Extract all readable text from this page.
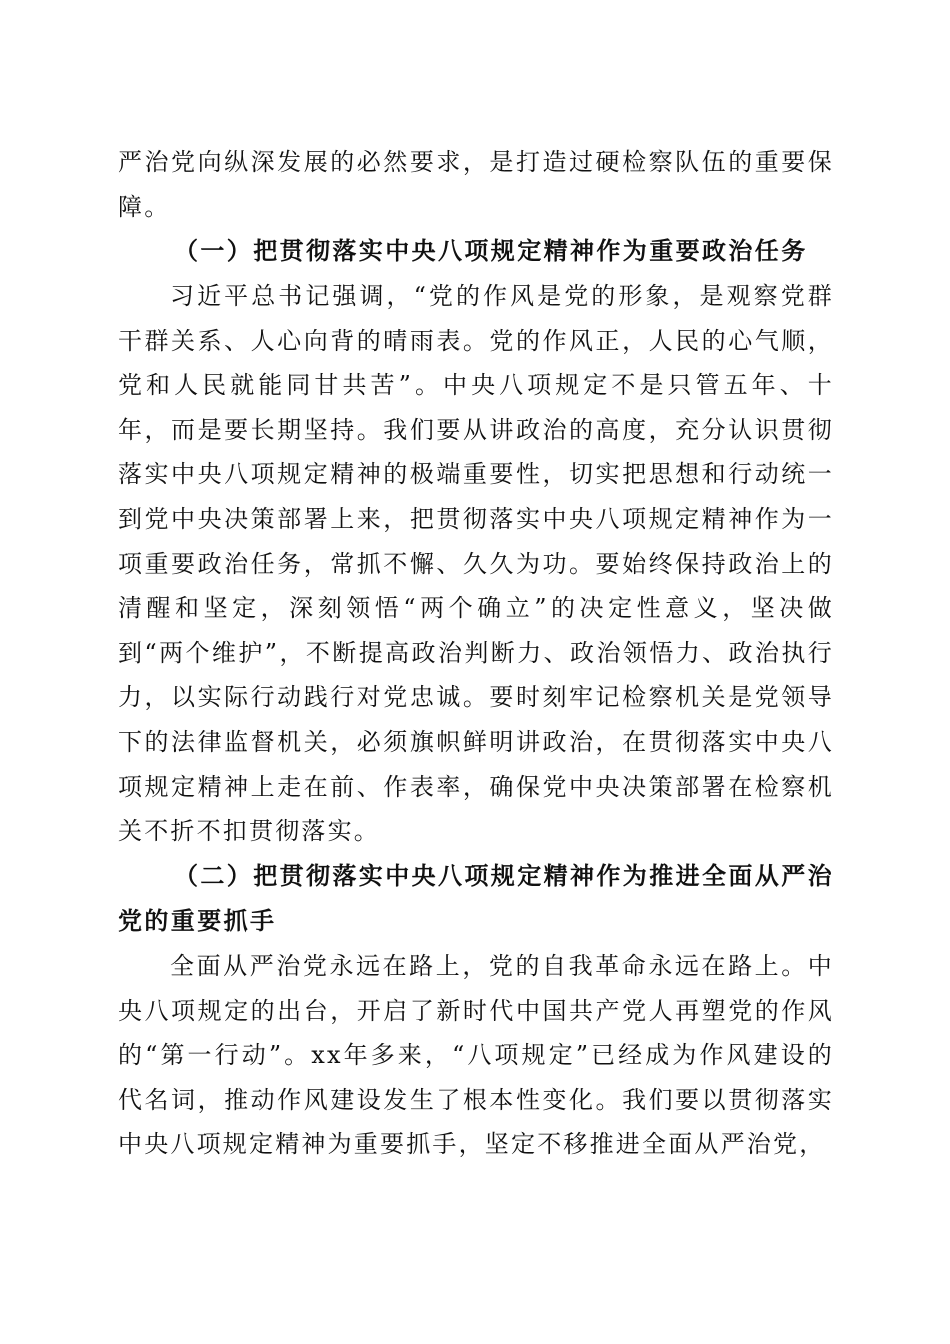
严治党向纵深发展的必然要求，是打造过硬检察队伍的重要保障。

（一）把贯彻落实中央八项规定精神作为重要政治任务

习近平总书记强调，“党的作风是党的形象，是观察党群干群关系、人心向背的晴雨表。党的作风正，人民的心气顺，党和人民就能同甘共苦”。中央八项规定不是只管五年、十年，而是要长期坚持。我们要从讲政治的高度，充分认识贯彻落实中央八项规定精神的极端重要性，切实把思想和行动统一到党中央决策部署上来，把贯彻落实中央八项规定精神作为一项重要政治任务，常抓不懈、久久为功。要始终保持政治上的清醒和坚定，深刻领悟“两个确立”的决定性意义，坚决做到“两个维护”，不断提高政治判断力、政治领悟力、政治执行力，以实际行动践行对党忠诚。要时刻牢记检察机关是党领导下的法律监督机关，必须旗帜鲜明讲政治，在贯彻落实中央八项规定精神上走在前、作表率，确保党中央决策部署在检察机关不折不扣贯彻落实。

（二）把贯彻落实中央八项规定精神作为推进全面从严治党的重要抓手

全面从严治党永远在路上，党的自我革命永远在路上。中央八项规定的出台，开启了新时代中国共产党人再塑党的作风的“第一行动”。xx年多来，“八项规定”已经成为作风建设的代名词，推动作风建设发生了根本性变化。我们要以贯彻落实中央八项规定精神为重要抓手，坚定不移推进全面从严治党，
